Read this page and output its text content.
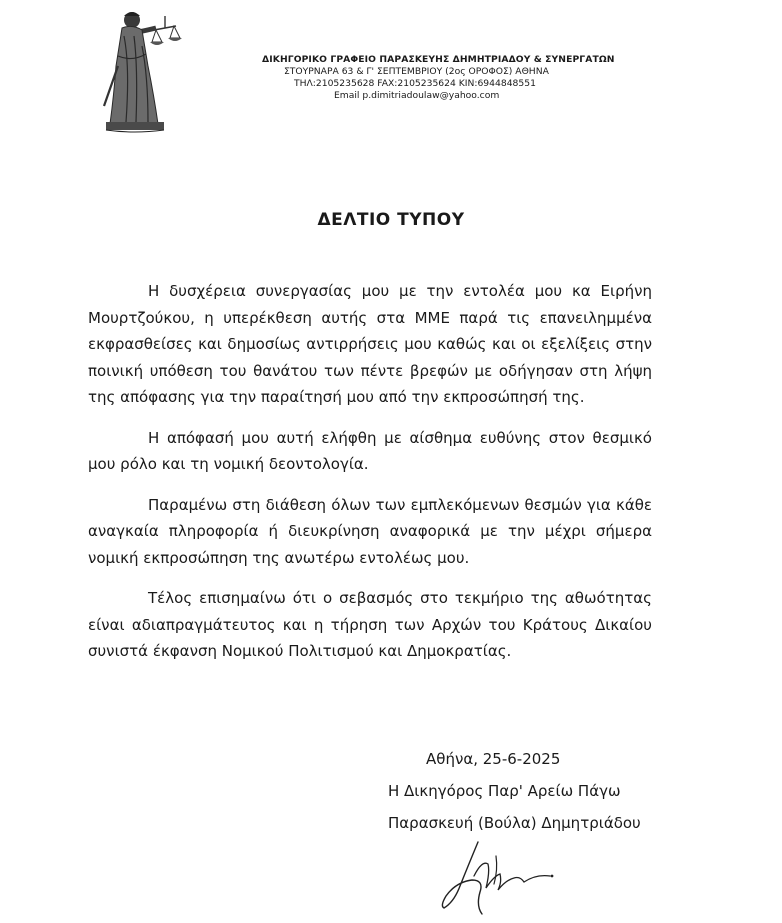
ΔΙΚΗΓΟΡΙΚΟ ΓΡΑΦΕΙΟ ΠΑΡΑΣΚΕΥΗΣ ΔΗΜΗΤΡΙΑΔΟΥ & ΣΥΝΕΡΓΑΤΩΝ
ΣΤΟΥΡΝΑΡΑ 63 & Γ' ΣΕΠΤΕΜΒΡΙΟΥ (2ος ΟΡΟΦΟΣ) ΑΘΗΝΑ
ΤΗΛ:2105235628 FAX:2105235624 ΚΙΝ:6944848551
Email p.dimitriadoulaw@yahoo.com
ΔΕΛΤΙΟ ΤΥΠΟΥ

Η δυσχέρεια συνεργασίας μου με την εντολέα μου κα Ειρήνη Μουρτζούκου, η υπερέκθεση αυτής στα ΜΜΕ παρά τις επανειλημμένα εκφρασθείσες και δημοσίως αντιρρήσεις μου καθώς και οι εξελίξεις στην ποινική υπόθεση του θανάτου των πέντε βρεφών με οδήγησαν στη λήψη της απόφασης για την παραίτησή μου από την εκπροσώπησή της.

Η απόφασή μου αυτή ελήφθη με αίσθημα ευθύνης στον θεσμικό μου ρόλο και τη νομική δεοντολογία.

Παραμένω στη διάθεση όλων των εμπλεκόμενων θεσμών για κάθε αναγκαία πληροφορία ή διευκρίνηση αναφορικά με την μέχρι σήμερα νομική εκπροσώπηση της ανωτέρω εντολέως μου.

Τέλος επισημαίνω ότι ο σεβασμός στο τεκμήριο της αθωότητας είναι αδιαπραγμάτευτος και η τήρηση των Αρχών του Κράτους Δικαίου συνιστά έκφανση Νομικού Πολιτισμού και Δημοκρατίας.

Αθήνα, 25-6-2025
Η Δικηγόρος Παρ' Αρείω Πάγω
Παρασκευή (Βούλα) Δημητριάδου
